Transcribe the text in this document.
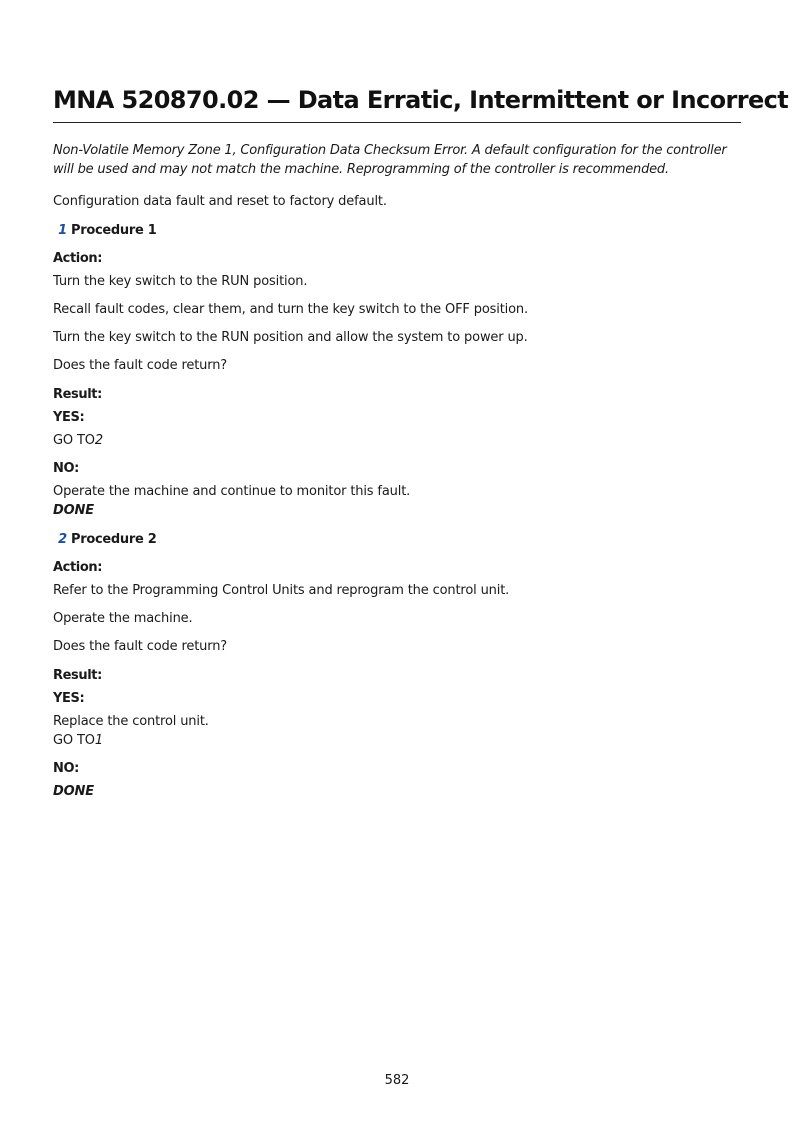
MNA 520870.02 — Data Erratic, Intermittent or Incorrect
Non-Volatile Memory Zone 1, Configuration Data Checksum Error. A default configuration for the controller will be used and may not match the machine. Reprogramming of the controller is recommended.
Configuration data fault and reset to factory default.
1 Procedure 1
Action:
Turn the key switch to the RUN position.
Recall fault codes, clear them, and turn the key switch to the OFF position.
Turn the key switch to the RUN position and allow the system to power up.
Does the fault code return?
Result:
YES:
GO TO2
NO:
Operate the machine and continue to monitor this fault.
DONE
2 Procedure 2
Action:
Refer to the Programming Control Units and reprogram the control unit.
Operate the machine.
Does the fault code return?
Result:
YES:
Replace the control unit.
GO TO1
NO:
DONE
582
